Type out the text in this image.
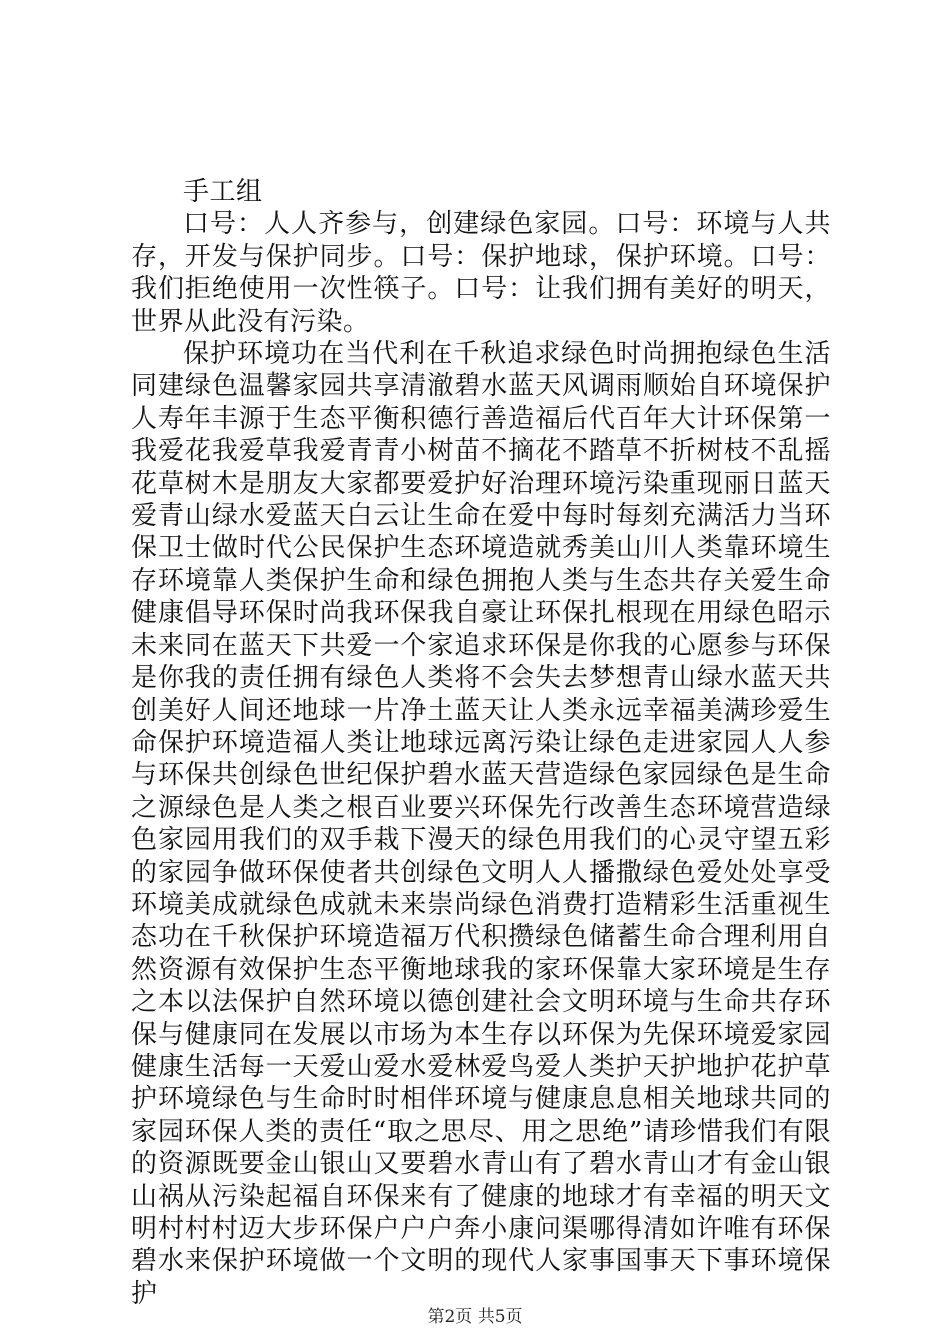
手工组

口号：人人齐参与，创建绿色家园。口号：环境与人共存，开发与保护同步。口号：保护地球，保护环境。口号：我们拒绝使用一次性筷子。口号：让我们拥有美好的明天，世界从此没有污染。

保护环境功在当代利在千秋追求绿色时尚拥抱绿色生活同建绿色温馨家园共享清澈碧水蓝天风调雨顺始自环境保护人寿年丰源于生态平衡积德行善造福后代百年大计环保第一我爱花我爱草我爱青青小树苗不摘花不踏草不折树枝不乱摇花草树木是朋友大家都要爱护好治理环境污染重现丽日蓝天爱青山绿水爱蓝天白云让生命在爱中每时每刻充满活力当环保卫士做时代公民保护生态环境造就秀美山川人类靠环境生存环境靠人类保护生命和绿色拥抱人类与生态共存关爱生命健康倡导环保时尚我环保我自豪让环保扎根现在用绿色昭示未来同在蓝天下共爱一个家追求环保是你我的心愿参与环保是你我的责任拥有绿色人类将不会失去梦想青山绿水蓝天共创美好人间还地球一片净土蓝天让人类永远幸福美满珍爱生命保护环境造福人类让地球远离污染让绿色走进家园人人参与环保共创绿色世纪保护碧水蓝天营造绿色家园绿色是生命之源绿色是人类之根百业要兴环保先行改善生态环境营造绿色家园用我们的双手栽下漫天的绿色用我们的心灵守望五彩的家园争做环保使者共创绿色文明人人播撒绿色爱处处享受环境美成就绿色成就未来崇尚绿色消费打造精彩生活重视生态功在千秋保护环境造福万代积攒绿色储蓄生命合理利用自然资源有效保护生态平衡地球我的家环保靠大家环境是生存之本以法保护自然环境以德创建社会文明环境与生命共存环保与健康同在发展以市场为本生存以环保为先保环境爱家园健康生活每一天爱山爱水爱林爱鸟爱人类护天护地护花护草护环境绿色与生命时时相伴环境与健康息息相关地球共同的家园环保人类的责任“取之思尽、用之思绝”请珍惜我们有限的资源既要金山银山又要碧水青山有了碧水青山才有金山银山祸从污染起福自环保来有了健康的地球才有幸福的明天文明村村村迈大步环保户户户奔小康问渠哪得清如许唯有环保碧水来保护环境做一个文明的现代人家事国事天下事环境保护

第2页 共5页
